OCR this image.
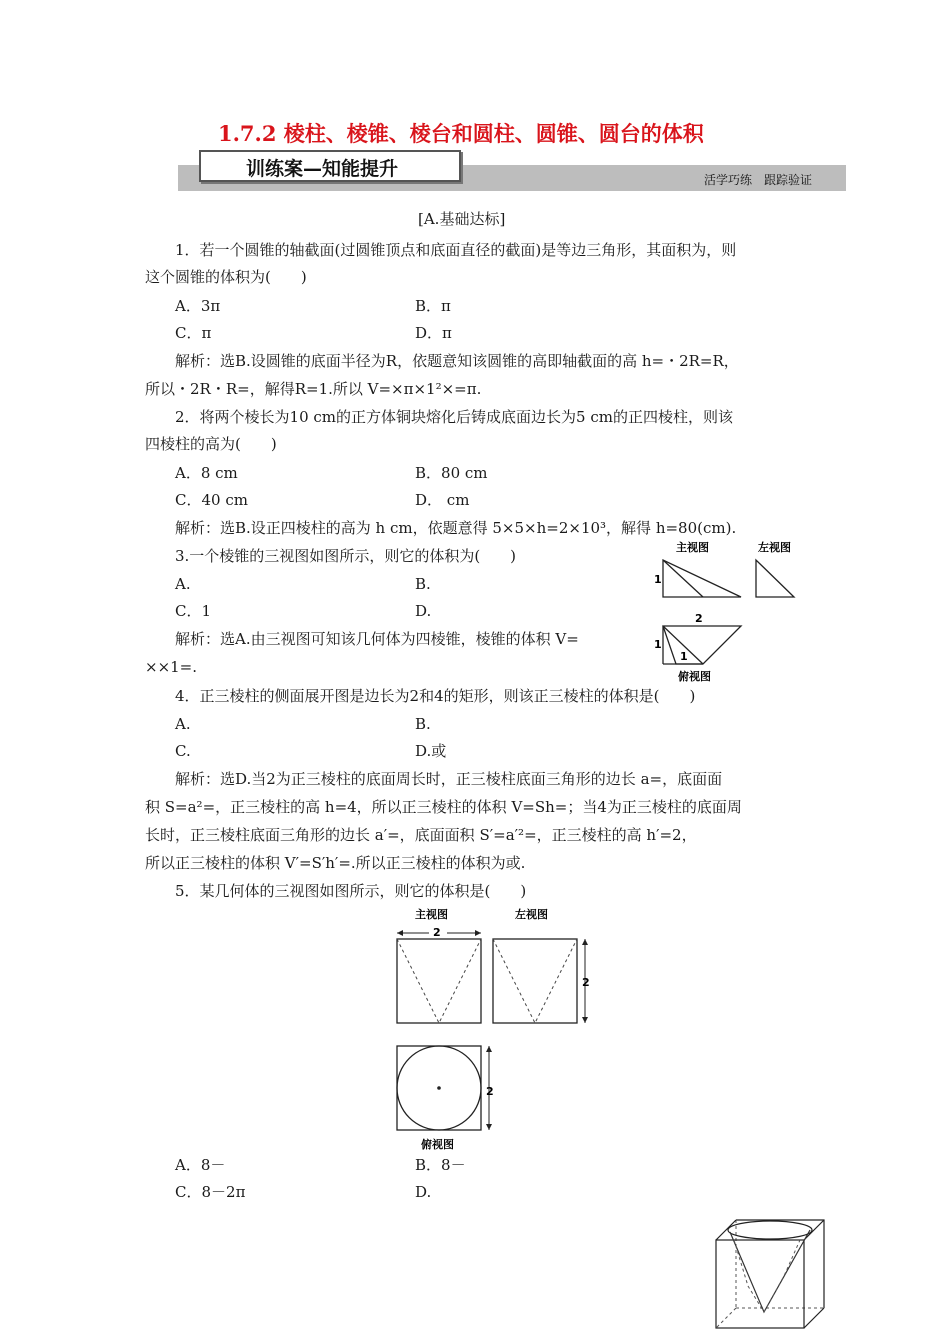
1.7.2 棱柱、棱锥、棱台和圆柱、圆锥、圆台的体积
训练案—知能提升	活学巧练　跟踪验证
[A.基础达标]
1．若一个圆锥的轴截面(过圆锥顶点和底面直径的截面)是等边三角形，其面积为，则
这个圆锥的体积为(　　)
A．3π	B．π
C．π	D．π
解析：选B.设圆锥的底面半径为R，依题意知该圆锥的高即轴截面的高 h=・2R=R，
所以・2R・R=，解得R=1.所以 V=×π×1²×=π.
2．将两个棱长为10 cm的正方体铜块熔化后铸成底面边长为5 cm的正四棱柱，则该
四棱柱的高为(　　)
A．8 cm	B．80 cm
C．40 cm	D． cm
解析：选B.设正四棱柱的高为 h cm，依题意得 5×5×h=2×10³，解得 h=80(cm).
3.一个棱锥的三视图如图所示，则它的体积为(　　)
A.	B.
C．1	D.
解析：选A.由三视图可知该几何体为四棱锥，棱锥的体积 V=
××1=.
主视图	左视图
1
2
1
1
俯视图
4．正三棱柱的侧面展开图是边长为2和4的矩形，则该正三棱柱的体积是(　　)
A.	B.
C.	D.或
解析：选D.当2为正三棱柱的底面周长时，正三棱柱底面三角形的边长 a=，底面面
积 S=a²=，正三棱柱的高 h=4，所以正三棱柱的体积 V=Sh=；当4为正三棱柱的底面周
长时，正三棱柱底面三角形的边长 a′=，底面面积 S′=a′²=，正三棱柱的高 h′=2，
所以正三棱柱的体积 V′=S′h′=.所以正三棱柱的体积为或.
5．某几何体的三视图如图所示，则它的体积是(　　)
主视图	左视图
2
2
2
俯视图
A．8－	B．8－
C．8－2π	D.
